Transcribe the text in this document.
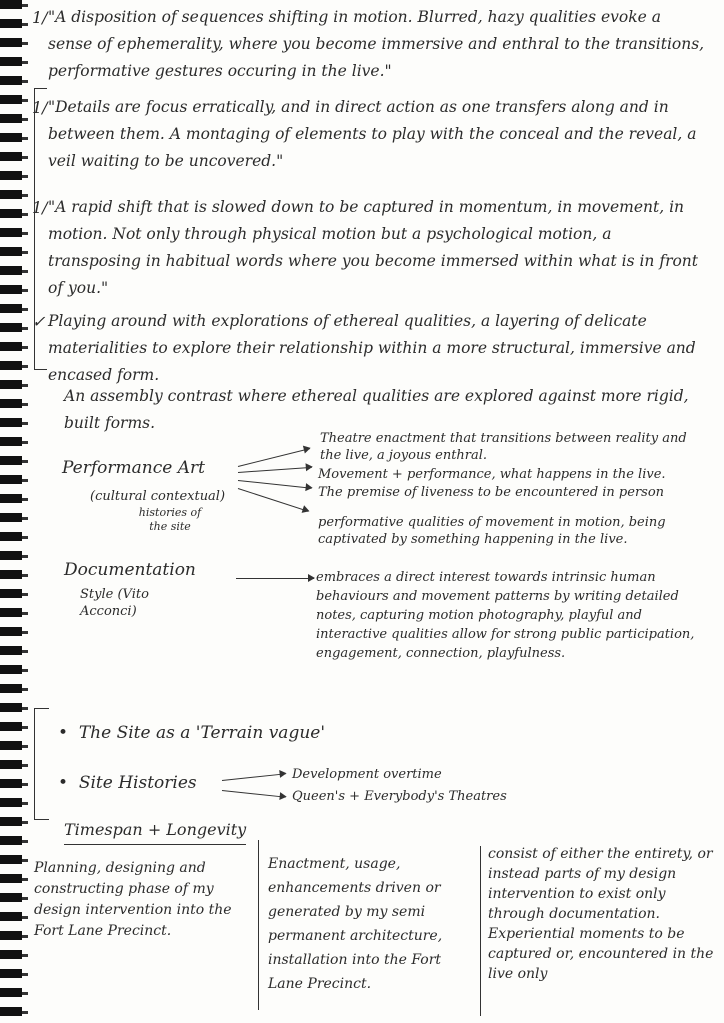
1/ "A disposition of sequences shifting in motion. Blurred, hazy qualities evoke a sense of ephemerality, where you become immersive and enthral to the transitions, performative gestures occuring in the live."

1/ "Details are focus erratically, and in direct action as one transfers along and in between them. A montaging of elements to play with the conceal and the reveal, a veil waiting to be uncovered."

1/ "A rapid shift that is slowed down to be captured in momentum, in movement, in motion. Not only through physical motion but a psychological motion, a transposing in habitual words where you become immersed within what is in front of you."

✓ Playing around with explorations of ethereal qualities, a layering of delicate materialities to explore their relationship within a more structural, immersive and encased form.

An assembly contrast where ethereal qualities are explored against more rigid, built forms.
Performance Art
(cultural contextual)
histories of the site
Theatre enactment that transitions between reality and the live, a joyous enthral.
Movement + performance, what happens in the live.
The premise of liveness to be encountered in person
performative qualities of movement in motion, being captivated by something happening in the live.
Documentation
Style (Vito Acconci)
embraces a direct interest towards intrinsic human behaviours and movement patterns by writing detailed notes, capturing motion photography, playful and interactive qualities allow for strong public participation, engagement, connection, playfulness.
•  The Site as a 'Terrain vague'
•  Site Histories	Development overtime
Queen's + Everybody's Theatres
Timespan + Longevity
Planning, designing and constructing phase of my design intervention into the Fort Lane Precinct.
Enactment, usage, enhancements driven or generated by my semi permanent architecture, installation into the Fort Lane Precinct.
consist of either the entirety, or instead parts of my design intervention to exist only through documentation. Experiential moments to be captured or, encountered in the live only
